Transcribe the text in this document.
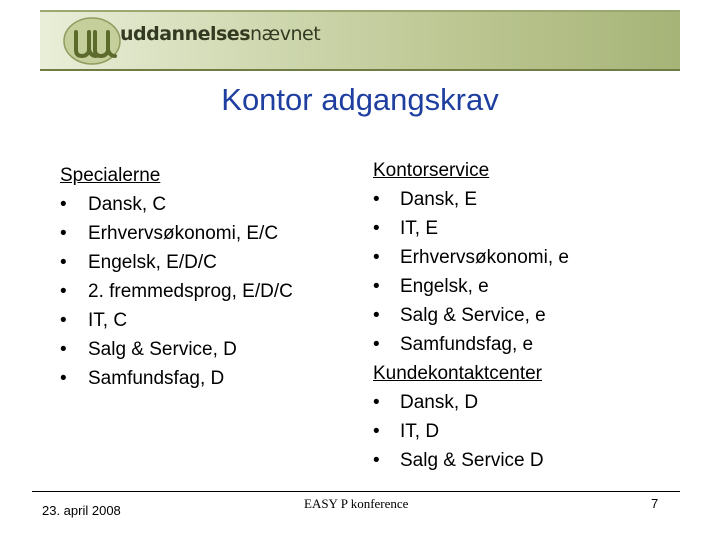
uddannelsesnævnet
Kontor adgangskrav
Specialerne
•	Dansk, C
•	Erhvervsøkonomi, E/C
•	Engelsk, E/D/C
•	2. fremmedsprog, E/D/C
•	IT, C
•	Salg & Service, D
•	Samfundsfag, D
Kontorservice
•	Dansk, E
•	IT, E
•	Erhvervsøkonomi, e
•	Engelsk, e
•	Salg & Service, e
•	Samfundsfag, e
Kundekontaktcenter
•	Dansk, D
•	IT, D
•	Salg & Service D
23. april 2008	EASY P konference	7
